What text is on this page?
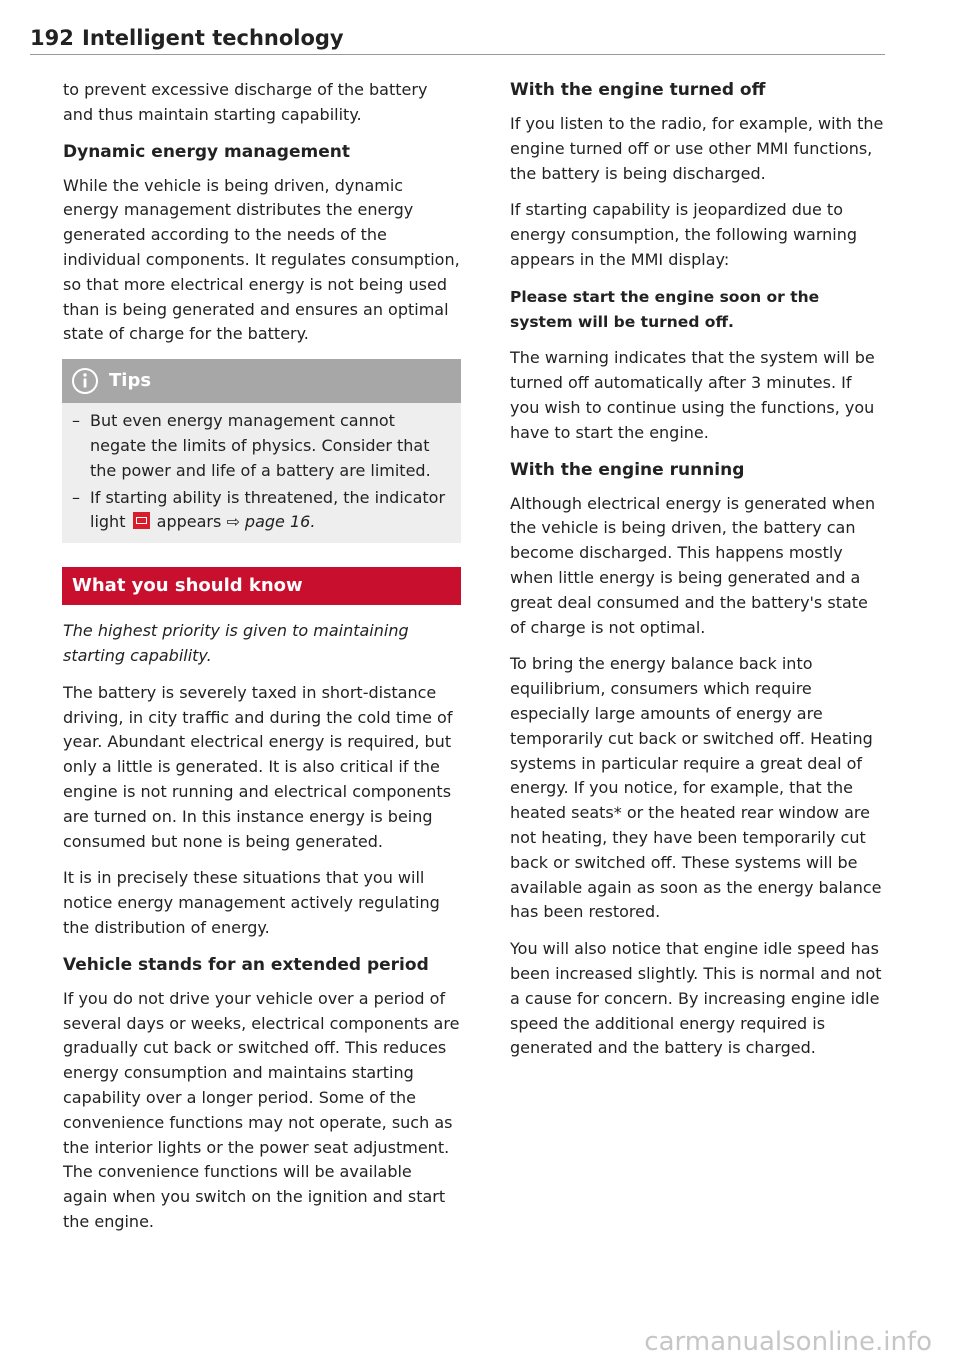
192 Intelligent technology

to prevent excessive discharge of the battery and thus maintain starting capability.

Dynamic energy management

While the vehicle is being driven, dynamic energy management distributes the energy generated according to the needs of the individual components. It regulates consumption, so that more electrical energy is not being used than is being generated and ensures an optimal state of charge for the battery.

Tips
– But even energy management cannot negate the limits of physics. Consider that the power and life of a battery are limited.
– If starting ability is threatened, the indicator light appears ⇨ page 16.
What you should know

The highest priority is given to maintaining starting capability.

The battery is severely taxed in short-distance driving, in city traffic and during the cold time of year. Abundant electrical energy is required, but only a little is generated. It is also critical if the engine is not running and electrical components are turned on. In this instance energy is being consumed but none is being generated.

It is in precisely these situations that you will notice energy management actively regulating the distribution of energy.

Vehicle stands for an extended period

If you do not drive your vehicle over a period of several days or weeks, electrical components are gradually cut back or switched off. This reduces energy consumption and maintains starting capability over a longer period. Some of the convenience functions may not operate, such as the interior lights or the power seat adjustment. The convenience functions will be available again when you switch on the ignition and start the engine.

With the engine turned off

If you listen to the radio, for example, with the engine turned off or use other MMI functions, the battery is being discharged.

If starting capability is jeopardized due to energy consumption, the following warning appears in the MMI display:

Please start the engine soon or the system will be turned off.

The warning indicates that the system will be turned off automatically after 3 minutes. If you wish to continue using the functions, you have to start the engine.

With the engine running

Although electrical energy is generated when the vehicle is being driven, the battery can become discharged. This happens mostly when little energy is being generated and a great deal consumed and the battery's state of charge is not optimal.

To bring the energy balance back into equilibrium, consumers which require especially large amounts of energy are temporarily cut back or switched off. Heating systems in particular require a great deal of energy. If you notice, for example, that the heated seats* or the heated rear window are not heating, they have been temporarily cut back or switched off. These systems will be available again as soon as the energy balance has been restored.

You will also notice that engine idle speed has been increased slightly. This is normal and not a cause for concern. By increasing engine idle speed the additional energy required is generated and the battery is charged.

carmanualsonline.info
